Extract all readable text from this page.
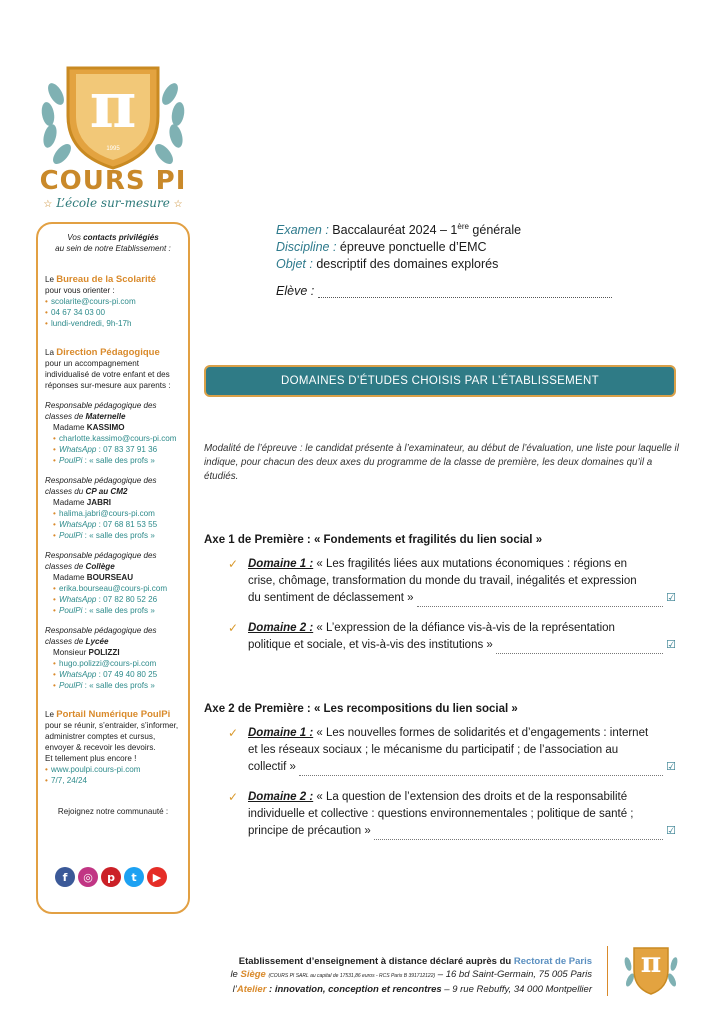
π
1995
COURS PI
☆ L’école sur-mesure ☆
Vos contacts privilégiés
au sein de notre Etablissement :
Le Bureau de la Scolarité
pour vous orienter :
• scolarite@cours-pi.com
• 04 67 34 03 00
• lundi-vendredi, 9h-17h
La Direction Pédagogique
pour un accompagnement individualisé de votre enfant et des réponses sur-mesure aux parents :
Responsable pédagogique des classes de Maternelle
Madame KASSIMO
• charlotte.kassimo@cours-pi.com
• WhatsApp : 07 83 37 91 36
• PoulPi : « salle des profs »
Responsable pédagogique des classes du CP au CM2
Madame JABRI
• halima.jabri@cours-pi.com
• WhatsApp : 07 68 81 53 55
• PoulPi : « salle des profs »
Responsable pédagogique des classes de Collège
Madame BOURSEAU
• erika.bourseau@cours-pi.com
• WhatsApp : 07 82 80 52 26
• PoulPi : « salle des profs »
Responsable pédagogique des classes de Lycée
Monsieur POLIZZI
• hugo.polizzi@cours-pi.com
• WhatsApp : 07 49 40 80 25
• PoulPi : « salle des profs »
Le Portail Numérique PoulPi
pour se réunir, s’entraider, s’informer, administrer comptes et cursus, envoyer & recevoir les devoirs.
Et tellement plus encore !
• www.poulpi.cours-pi.com
• 7/7, 24/24
Rejoignez notre communauté :
f	◎	p	t	▶
Examen : Baccalauréat 2024 – 1ère générale
Discipline : épreuve ponctuelle d’EMC
Objet : descriptif des domaines explorés
Elève :
DOMAINES D’ÉTUDES CHOISIS PAR L’ÉTABLISSEMENT
Modalité de l’épreuve : le candidat présente à l’examinateur, au début de l’évaluation, une liste pour laquelle il indique, pour chacun des deux axes du programme de la classe de première, les deux domaines qu’il a étudiés.
Axe 1 de Première : « Fondements et fragilités du lien social »
✓ Domaine 1 : « Les fragilités liées aux mutations économiques : régions en
crise, chômage, transformation du monde du travail, inégalités et expression
du sentiment de déclassement »	☑
✓ Domaine 2 : « L’expression de la défiance vis-à-vis de la représentation
politique et sociale, et vis-à-vis des institutions »	☑
Axe 2 de Première : « Les recompositions du lien social »
✓ Domaine 1 : « Les nouvelles formes de solidarités et d’engagements : internet
et les réseaux sociaux ; le mécanisme du participatif ; de l’association au
collectif »	☑
✓ Domaine 2 : « La question de l’extension des droits et de la responsabilité
individuelle et collective : questions environnementales ; politique de santé ;
principe de précaution »	☑
Etablissement d’enseignement à distance déclaré auprès du Rectorat de Paris
le Siège (COURS PI SARL au capital de 17531,86 euros - RCS Paris B 391712122) – 16 bd Saint-Germain, 75 005 Paris
l’Atelier : innovation, conception et rencontres – 9 rue Rebuffy, 34 000 Montpellier
π
